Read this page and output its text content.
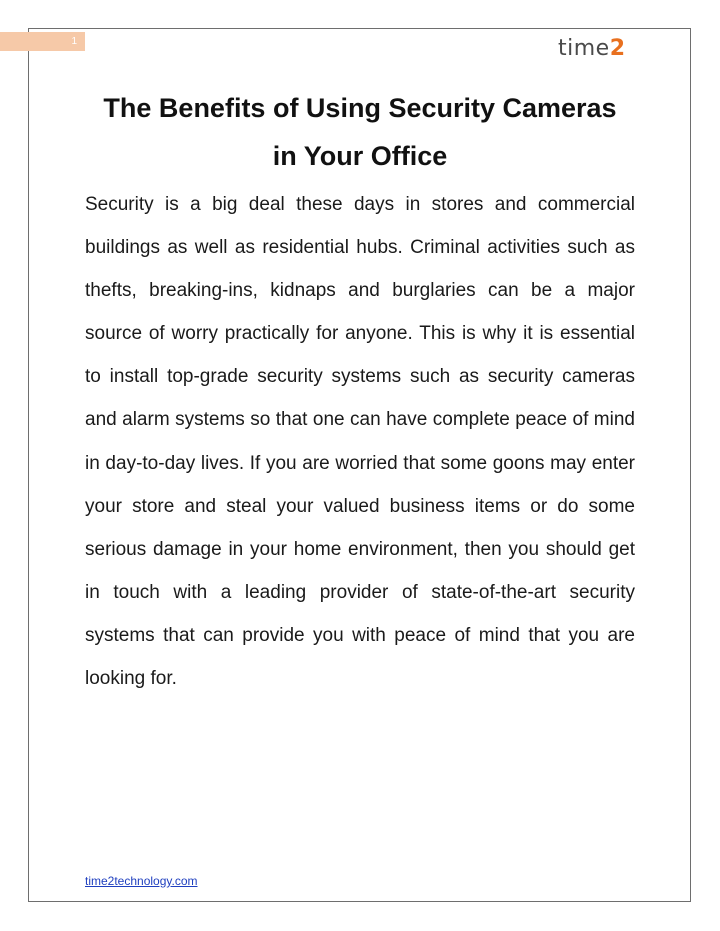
1	time2
The Benefits of Using Security Cameras
in Your Office

Security is a big deal these days in stores and commercial buildings as well as residential hubs. Criminal activities such as thefts, breaking-ins, kidnaps and burglaries can be a major source of worry practically for anyone. This is why it is essential to install top-grade security systems such as security cameras and alarm systems so that one can have complete peace of mind in day-to-day lives. If you are worried that some goons may enter your store and steal your valued business items or do some serious damage in your home environment, then you should get in touch with a leading provider of state-of-the-art security systems that can provide you with peace of mind that you are looking for.

time2technology.com
